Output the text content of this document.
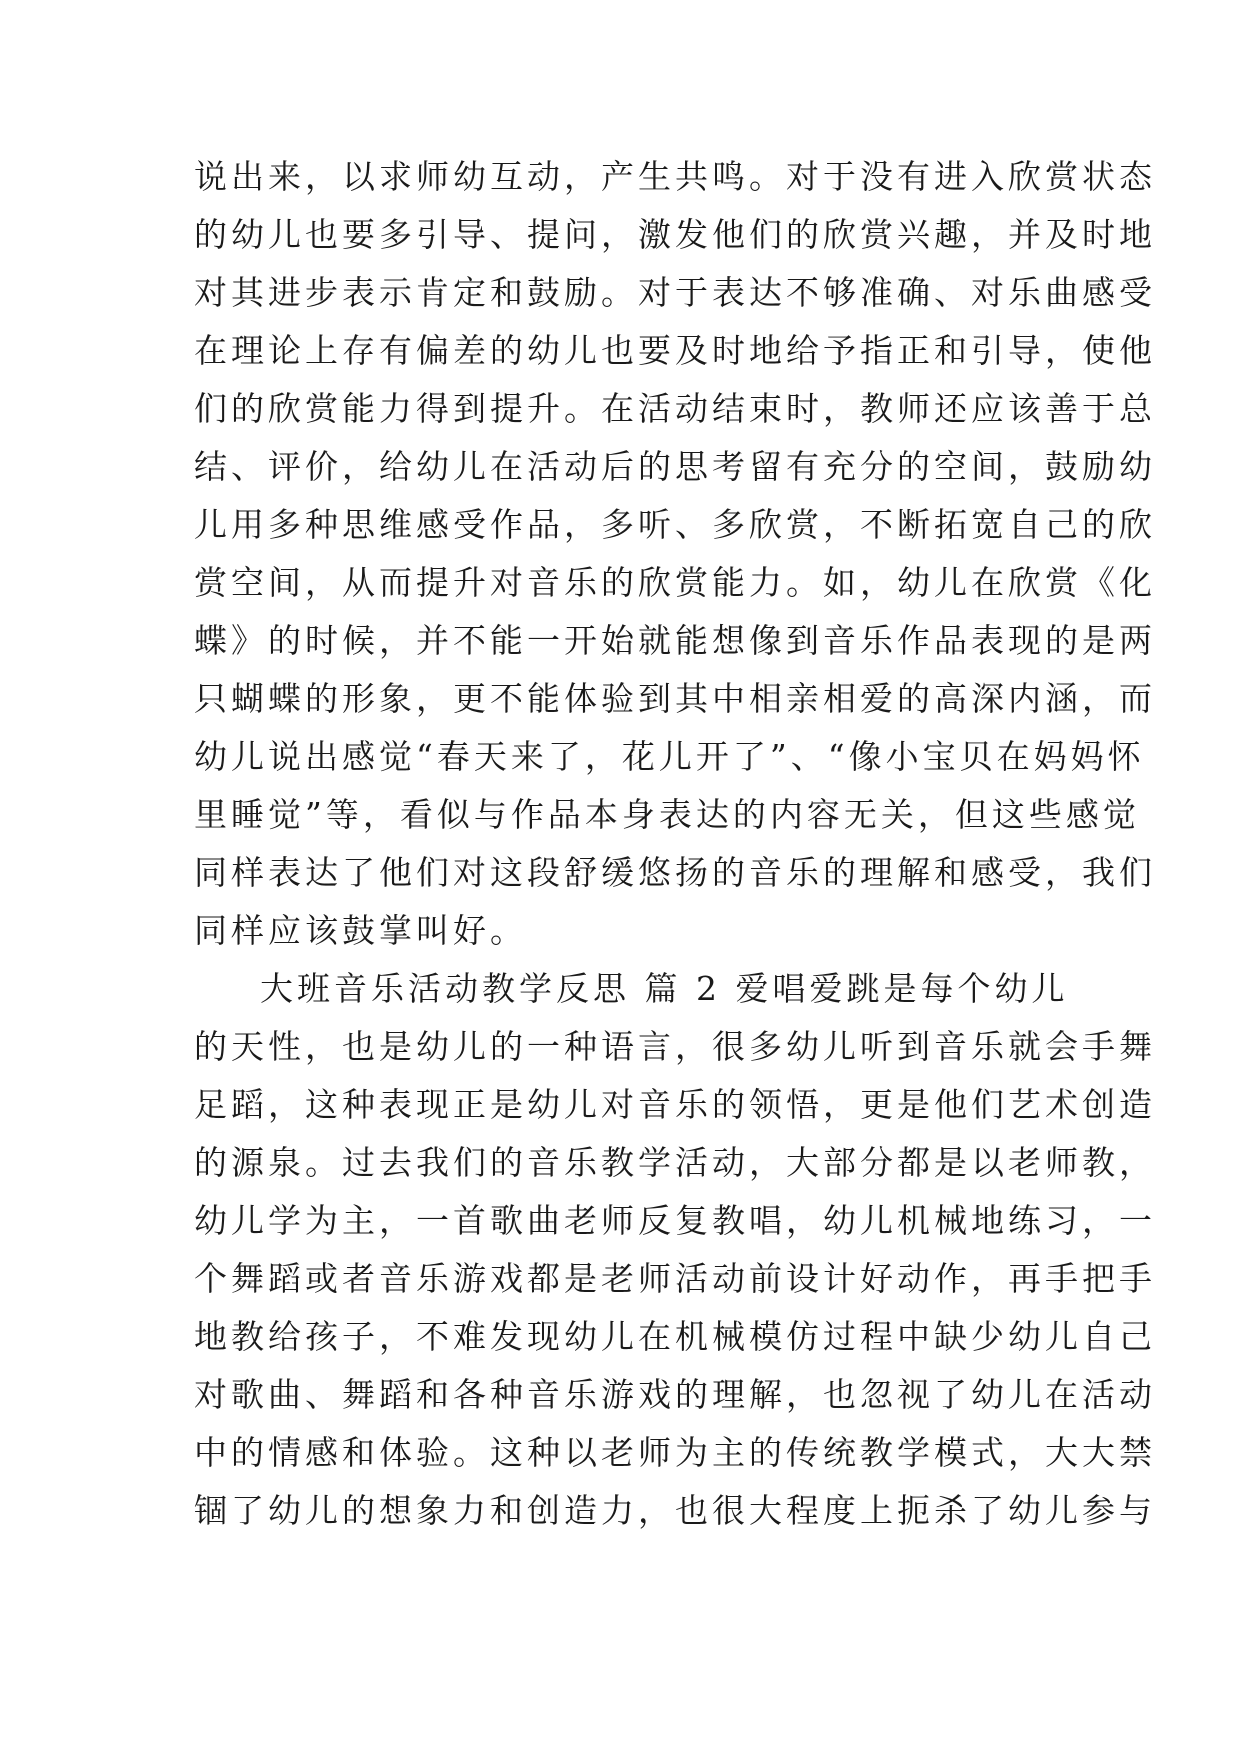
说出来，以求师幼互动，产生共鸣。对于没有进入欣赏状态
的幼儿也要多引导、提问，激发他们的欣赏兴趣，并及时地
对其进步表示肯定和鼓励。对于表达不够准确、对乐曲感受
在理论上存有偏差的幼儿也要及时地给予指正和引导，使他
们的欣赏能力得到提升。在活动结束时，教师还应该善于总
结、评价，给幼儿在活动后的思考留有充分的空间，鼓励幼
儿用多种思维感受作品，多听、多欣赏，不断拓宽自己的欣
赏空间，从而提升对音乐的欣赏能力。如，幼儿在欣赏《化
蝶》的时候，并不能一开始就能想像到音乐作品表现的是两
只蝴蝶的形象，更不能体验到其中相亲相爱的高深内涵，而
幼儿说出感觉“春天来了，花儿开了”、“像小宝贝在妈妈怀
里睡觉”等，看似与作品本身表达的内容无关，但这些感觉
同样表达了他们对这段舒缓悠扬的音乐的理解和感受，我们
同样应该鼓掌叫好。
大班音乐活动教学反思 篇 2 爱唱爱跳是每个幼儿
的天性，也是幼儿的一种语言，很多幼儿听到音乐就会手舞
足蹈，这种表现正是幼儿对音乐的领悟，更是他们艺术创造
的源泉。过去我们的音乐教学活动，大部分都是以老师教，
幼儿学为主，一首歌曲老师反复教唱，幼儿机械地练习，一
个舞蹈或者音乐游戏都是老师活动前设计好动作，再手把手
地教给孩子，不难发现幼儿在机械模仿过程中缺少幼儿自己
对歌曲、舞蹈和各种音乐游戏的理解，也忽视了幼儿在活动
中的情感和体验。这种以老师为主的传统教学模式，大大禁
锢了幼儿的想象力和创造力，也很大程度上扼杀了幼儿参与
